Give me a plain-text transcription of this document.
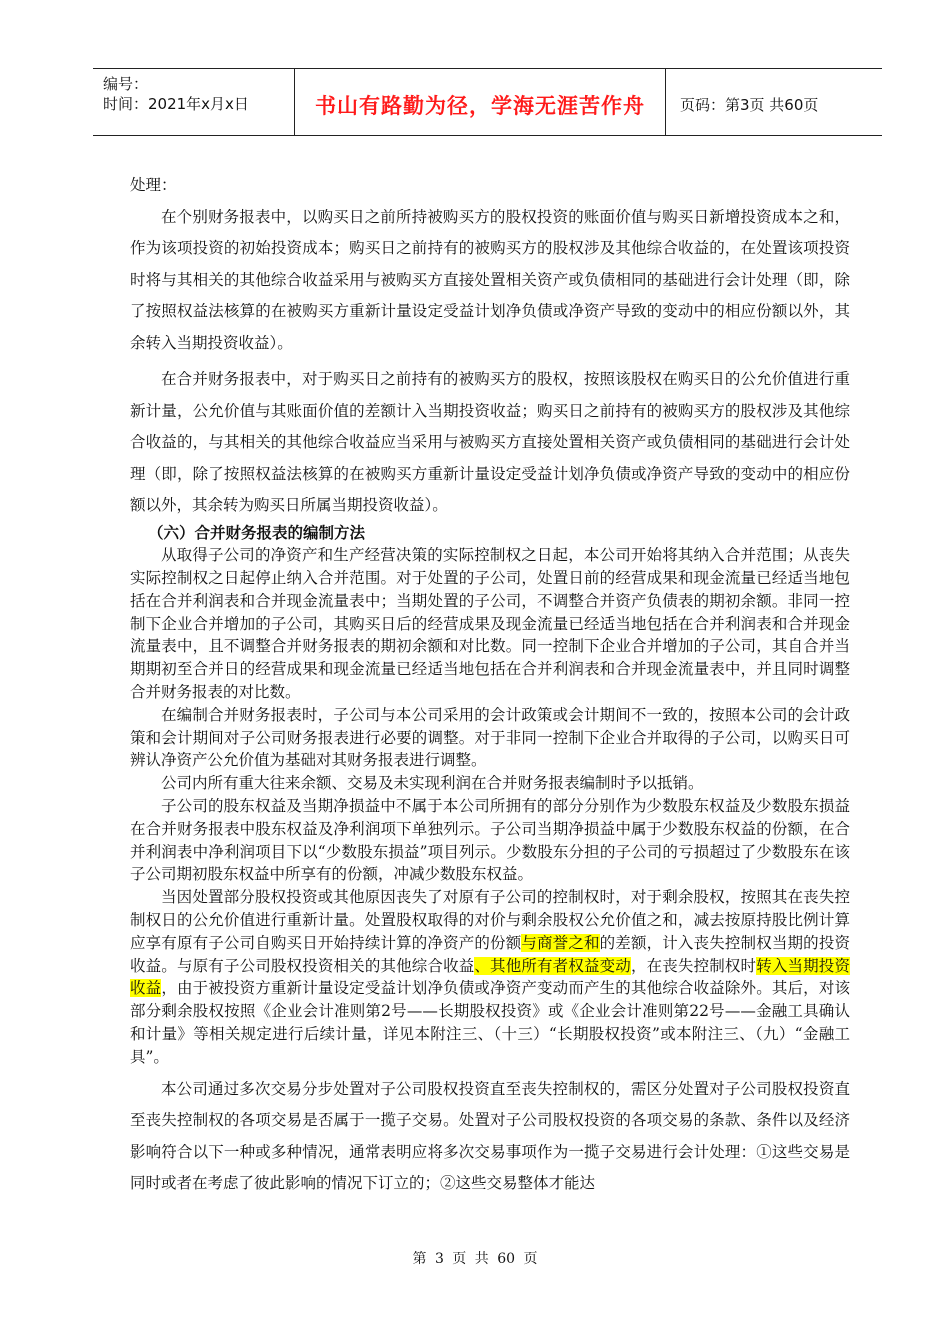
编号：
时间：2021年x月x日	书山有路勤为径，学海无涯苦作舟	页码：第3页 共60页

处理：

在个别财务报表中，以购买日之前所持被购买方的股权投资的账面价值与购买日新增投资成本之和，作为该项投资的初始投资成本；购买日之前持有的被购买方的股权涉及其他综合收益的，在处置该项投资时将与其相关的其他综合收益采用与被购买方直接处置相关资产或负债相同的基础进行会计处理（即，除了按照权益法核算的在被购买方重新计量设定受益计划净负债或净资产导致的变动中的相应份额以外，其余转入当期投资收益）。

在合并财务报表中，对于购买日之前持有的被购买方的股权，按照该股权在购买日的公允价值进行重新计量，公允价值与其账面价值的差额计入当期投资收益；购买日之前持有的被购买方的股权涉及其他综合收益的，与其相关的其他综合收益应当采用与被购买方直接处置相关资产或负债相同的基础进行会计处理（即，除了按照权益法核算的在被购买方重新计量设定受益计划净负债或净资产导致的变动中的相应份额以外，其余转为购买日所属当期投资收益）。

（六）合并财务报表的编制方法

从取得子公司的净资产和生产经营决策的实际控制权之日起，本公司开始将其纳入合并范围；从丧失实际控制权之日起停止纳入合并范围。对于处置的子公司，处置日前的经营成果和现金流量已经适当地包括在合并利润表和合并现金流量表中；当期处置的子公司，不调整合并资产负债表的期初余额。非同一控制下企业合并增加的子公司，其购买日后的经营成果及现金流量已经适当地包括在合并利润表和合并现金流量表中，且不调整合并财务报表的期初余额和对比数。同一控制下企业合并增加的子公司，其自合并当期期初至合并日的经营成果和现金流量已经适当地包括在合并利润表和合并现金流量表中，并且同时调整合并财务报表的对比数。

在编制合并财务报表时，子公司与本公司采用的会计政策或会计期间不一致的，按照本公司的会计政策和会计期间对子公司财务报表进行必要的调整。对于非同一控制下企业合并取得的子公司，以购买日可辨认净资产公允价值为基础对其财务报表进行调整。

公司内所有重大往来余额、交易及未实现利润在合并财务报表编制时予以抵销。

子公司的股东权益及当期净损益中不属于本公司所拥有的部分分别作为少数股东权益及少数股东损益在合并财务报表中股东权益及净利润项下单独列示。子公司当期净损益中属于少数股东权益的份额，在合并利润表中净利润项目下以“少数股东损益”项目列示。少数股东分担的子公司的亏损超过了少数股东在该子公司期初股东权益中所享有的份额，冲减少数股东权益。

当因处置部分股权投资或其他原因丧失了对原有子公司的控制权时，对于剩余股权，按照其在丧失控制权日的公允价值进行重新计量。处置股权取得的对价与剩余股权公允价值之和，减去按原持股比例计算应享有原有子公司自购买日开始持续计算的净资产的份额与商誉之和的差额，计入丧失控制权当期的投资收益。与原有子公司股权投资相关的其他综合收益、其他所有者权益变动，在丧失控制权时转入当期投资收益，由于被投资方重新计量设定受益计划净负债或净资产变动而产生的其他综合收益除外。其后，对该部分剩余股权按照《企业会计准则第2号——长期股权投资》或《企业会计准则第22号——金融工具确认和计量》等相关规定进行后续计量，详见本附注三、（十三）“长期股权投资”或本附注三、（九）“金融工具”。

本公司通过多次交易分步处置对子公司股权投资直至丧失控制权的，需区分处置对子公司股权投资直至丧失控制权的各项交易是否属于一揽子交易。处置对子公司股权投资的各项交易的条款、条件以及经济影响符合以下一种或多种情况，通常表明应将多次交易事项作为一揽子交易进行会计处理：①这些交易是同时或者在考虑了彼此影响的情况下订立的；②这些交易整体才能达

第 3 页 共 60 页
